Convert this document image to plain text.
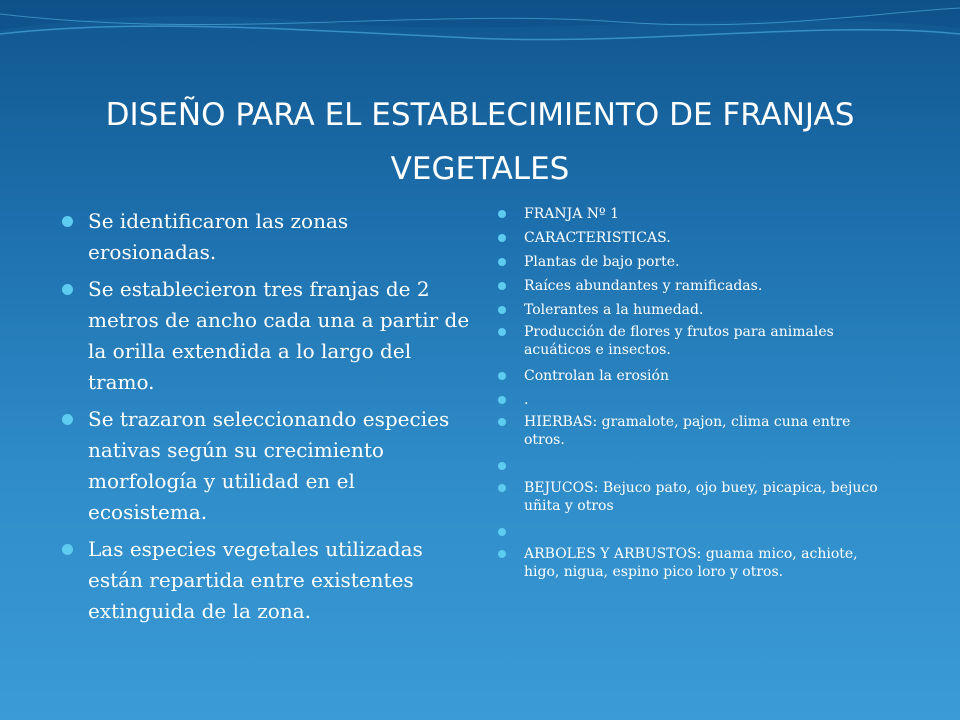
DISEÑO PARA EL ESTABLECIMIENTO DE FRANJAS
VEGETALES
Se identificaron las zonas erosionadas.
Se establecieron tres franjas de 2 metros de ancho cada una a partir de la orilla extendida a lo largo del tramo.
Se trazaron seleccionando especies nativas según su crecimiento morfología y utilidad en el ecosistema.
Las especies vegetales utilizadas están repartida entre existentes extinguida de la zona.
FRANJA Nº 1
CARACTERISTICAS.
Plantas de bajo porte.
Raíces abundantes y ramificadas.
Tolerantes a la humedad.
Producción de flores y frutos para animales acuáticos e insectos.
Controlan la erosión
.
HIERBAS: gramalote, pajon, clima cuna entre otros.
BEJUCOS: Bejuco pato, ojo buey, picapica, bejuco uñita y otros
ARBOLES Y ARBUSTOS: guama mico, achiote, higo, nigua, espino pico loro y otros.
